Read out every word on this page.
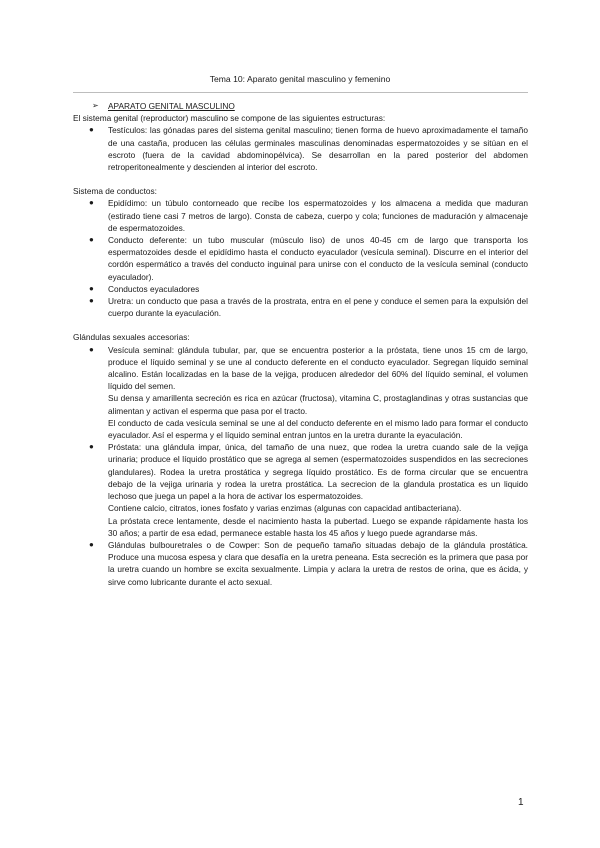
Tema 10: Aparato genital masculino y femenino
➢	APARATO GENITAL MASCULINO

El sistema genital (reproductor) masculino se compone de las siguientes estructuras:

●	Testículos: las gónadas pares del sistema genital masculino; tienen forma de huevo aproximadamente el tamaño de una castaña, producen las células germinales masculinas denominadas espermatozoides y se sitúan en el escroto (fuera de la cavidad abdominopélvica). Se desarrollan en la pared posterior del abdomen retroperitonealmente y descienden al interior del escroto.

Sistema de conductos:

●	Epidídimo: un túbulo contorneado que recibe los espermatozoides y los almacena a medida que maduran (estirado tiene casi 7 metros de largo). Consta de cabeza, cuerpo y cola; funciones de maduración y almacenaje de espermatozoides.

●	Conducto deferente: un tubo muscular (músculo liso) de unos 40-45 cm de largo que transporta los espermatozoides desde el epidídimo hasta el conducto eyaculador (vesícula seminal). Discurre en el interior del cordón espermático a través del conducto inguinal para unirse con el conducto de la vesícula seminal (conducto eyaculador).

●	Conductos eyaculadores

●	Uretra: un conducto que pasa a través de la prostrata, entra en el pene y conduce el semen para la expulsión del cuerpo durante la eyaculación.

Glándulas sexuales accesorias:

●	Vesícula seminal: glándula tubular, par, que se encuentra posterior a la próstata, tiene unos 15 cm de largo, produce el líquido seminal y se une al conducto deferente en el conducto eyaculador. Segregan líquido seminal alcalino. Están localizadas en la base de la vejiga, producen alrededor del 60% del líquido seminal, el volumen líquido del semen.

Su densa y amarillenta secreción es rica en azúcar (fructosa), vitamina C, prostaglandinas y otras sustancias que alimentan y activan el esperma que pasa por el tracto.

El conducto de cada vesícula seminal se une al del conducto deferente en el mismo lado para formar el conducto eyaculador. Así el esperma y el líquido seminal entran juntos en la uretra durante la eyaculación.

●	Próstata: una glándula impar, única, del tamaño de una nuez, que rodea la uretra cuando sale de la vejiga urinaria; produce el líquido prostático que se agrega al semen (espermatozoides suspendidos en las secreciones glandulares). Rodea la uretra prostática y segrega líquido prostático. Es de forma circular que se encuentra debajo de la vejiga urinaria y rodea la uretra prostática. La secrecion de la glandula prostatica es un liquido lechoso que juega un papel a la hora de activar los espermatozoides.

Contiene calcio, citratos, iones fosfato y varias enzimas (algunas con capacidad antibacteriana).

La próstata crece lentamente, desde el nacimiento hasta la pubertad. Luego se expande rápidamente hasta los 30 años; a partir de esa edad, permanece estable hasta los 45 años y luego puede agrandarse más.

●	Glándulas bulbouretrales o de Cowper: Son de pequeño tamaño situadas debajo de la glándula prostática. Produce una mucosa espesa y clara que desafía en la uretra peneana. Esta secreción es la primera que pasa por la uretra cuando un hombre se excita sexualmente. Limpia y aclara la uretra de restos de orina, que es ácida, y sirve como lubricante durante el acto sexual.

1
